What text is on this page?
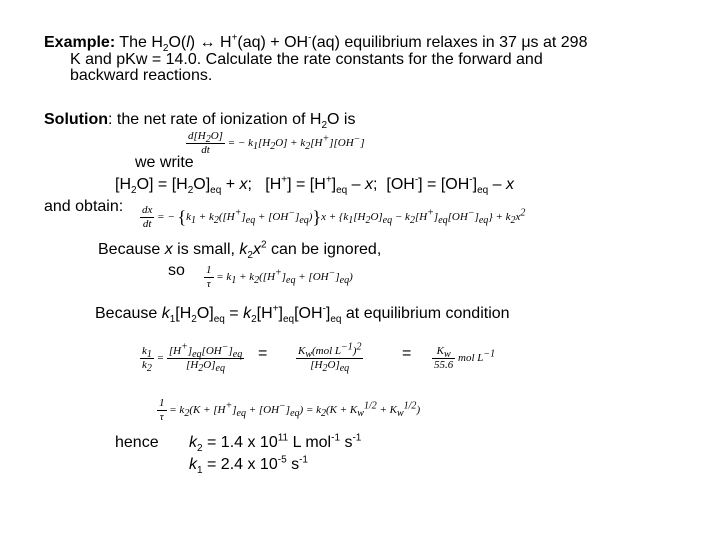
Example: The $H_2O(l)$ ↔ H+(aq) + OH-(aq) equilibrium relaxes in 37 μs at 298
K and pKw = 14.0. Calculate the rate constants for the forward and
backward reactions.
Solution: the net rate of ionization of $H_2O$ is
$\frac{d[H_2O]}{dt}$ = − $k_1[H_2O] + k_2[H^+][OH^-]$
we write
$[H_2O] = [H_2O]_{eq} + x$;   $[H^+] = [H^+]_{eq} - x$;  $[OH^-] = [OH^-]_{eq} - x$
and obtain: $\frac{dx}{dt}$ = − $\{k_1 + k_2([H^+]_{eq} + [OH^-]_{eq})\}x + \{k_1[H_2O]_{eq} - k_2[H^+]_{eq}[OH^-]_{eq}\} + k_2x^2$
Because x is small, $k_2x^2$ can be ignored,
so $\frac{1}{\tau} = k_1 + k_2([H^+]_{eq} + [OH^-]_{eq})$
Because $k_1[H_2O]_{eq} = k_2[H^+]_{eq}[OH^-]_{eq}$ at equilibrium condition
$\frac{k_1}{k_2} = \frac{[H^+]_{eq}[OH^-]_{eq}}{[H_2O]_{eq}}$ =	$\frac{K_w(mol L^{-1})^2}{[H_2O]_{eq}} = \frac{K_w}{55.6}$ mol $L^{-1}$
$\frac{1}{\tau} = k_2(K + [H^+]_{eq} + [OH^-]_{eq}) = k_2(K + K_w^{1/2} + K_w^{1/2})$
hence $k_2 = 1.4$ x $10^{11}$ L mol$^{-1}$ $s^{-1}$
$k_1 = 2.4$ x $10^{-5}$ $s^{-1}$
